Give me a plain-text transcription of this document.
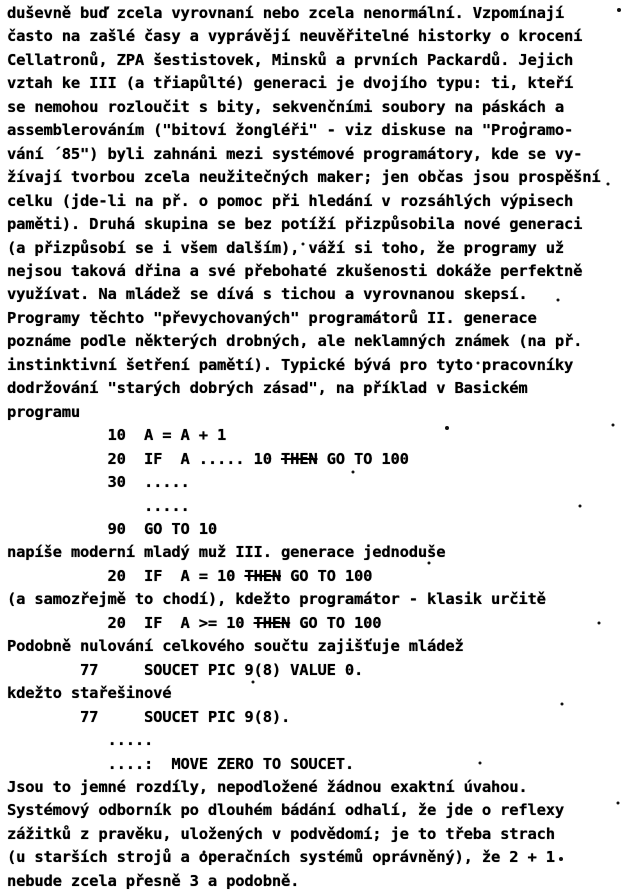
duševně buď zcela vyrovnaní nebo zcela nenormální. Vzpomínají
často na zašlé časy a vyprávějí neuvěřitelné historky o krocení
Cellatronů, ZPA šestistovek, Minsků a prvních Packardů. Jejich
vztah ke III (a třiapůlté) generaci je dvojího typu: ti, kteří
se nemohou rozloučit s bity, sekvenčními soubory na páskách a
assemblerováním ("bitoví žongléři" - viz diskuse na "Programo-
vání ´85") byli zahnáni mezi systémové programátory, kde se vy-
žívají tvorbou zcela neužitečných maker; jen občas jsou prospěšní
celku (jde-li na př. o pomoc při hledání v rozsáhlých výpisech
paměti). Druhá skupina se bez potíží přizpůsobila nové generaci
(a přizpůsobí se i všem dalším), váží si toho, že programy už
nejsou taková dřina a své přebohaté zkušenosti dokáže perfektně
využívat. Na mládež se dívá s tichou a vyrovnanou skepsí.
Programy těchto "převychovaných" programátorů II. generace
poznáme podle některých drobných, ale neklamných známek (na př.
instinktivní šetření pamětí). Typické bývá pro tyto pracovníky
dodržování "starých dobrých zásad", na příklad v Basickém
programu
10  A = A + 1
20  IF  A ..... 10 THEN GO TO 100
30  .....
.....
90  GO TO 10
napíše moderní mladý muž III. generace jednoduše
20  IF  A = 10 THEN GO TO 100
(a samozřejmě to chodí), kdežto programátor - klasik určitě
20  IF  A >= 10 THEN GO TO 100
Podobně nulování celkového součtu zajišťuje mládež
77     SOUCET PIC 9(8) VALUE 0.
kdežto stařešinové
77     SOUCET PIC 9(8).
.....
....:  MOVE ZERO TO SOUCET.
Jsou to jemné rozdíly, nepodložené žádnou exaktní úvahou.
Systémový odborník po dlouhém bádání odhalí, že jde o reflexy
zážitků z pravěku, uložených v podvědomí; je to třeba strach
(u starších strojů a operačních systémů oprávněný), že 2 + 1
nebude zcela přesně 3 a podobně.
